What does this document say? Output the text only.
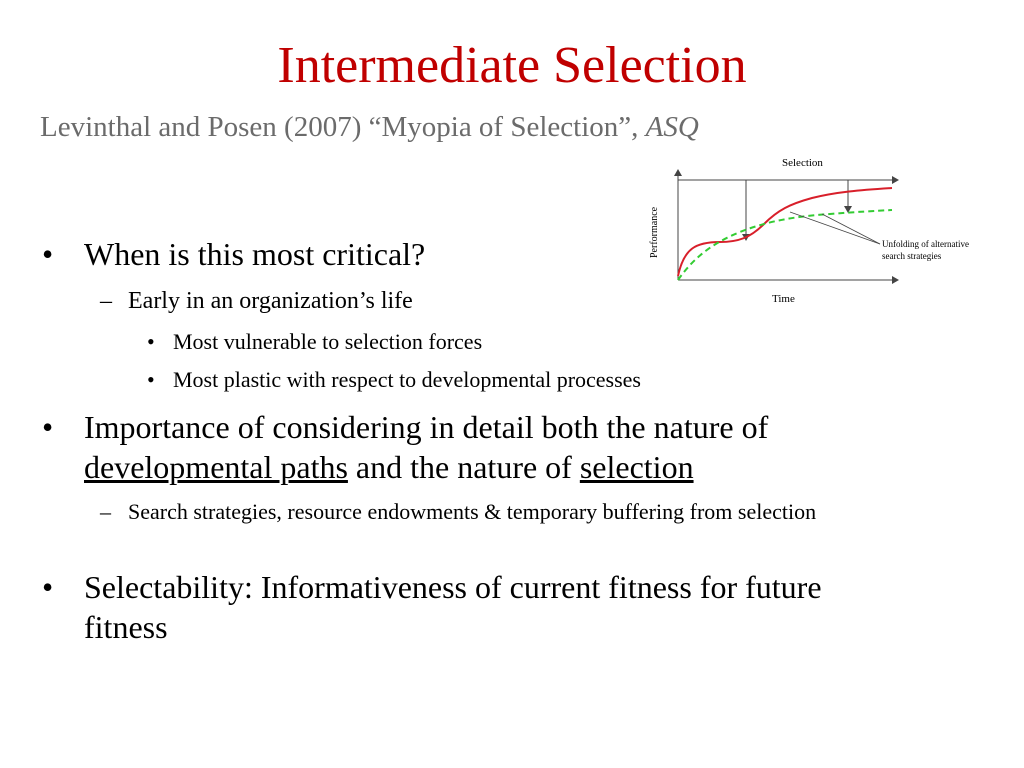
Intermediate Selection
Levinthal and Posen (2007) “Myopia of Selection”, ASQ
Selection
Performance
Time
Unfolding of alternative
search strategies
• When is this most critical?
– Early in an organization’s life
• Most vulnerable to selection forces
• Most plastic with respect to developmental processes
• Importance of considering in detail both the nature of developmental paths and the nature of selection
– Search strategies, resource endowments & temporary buffering from selection
• Selectability: Informativeness of current fitness for future fitness
